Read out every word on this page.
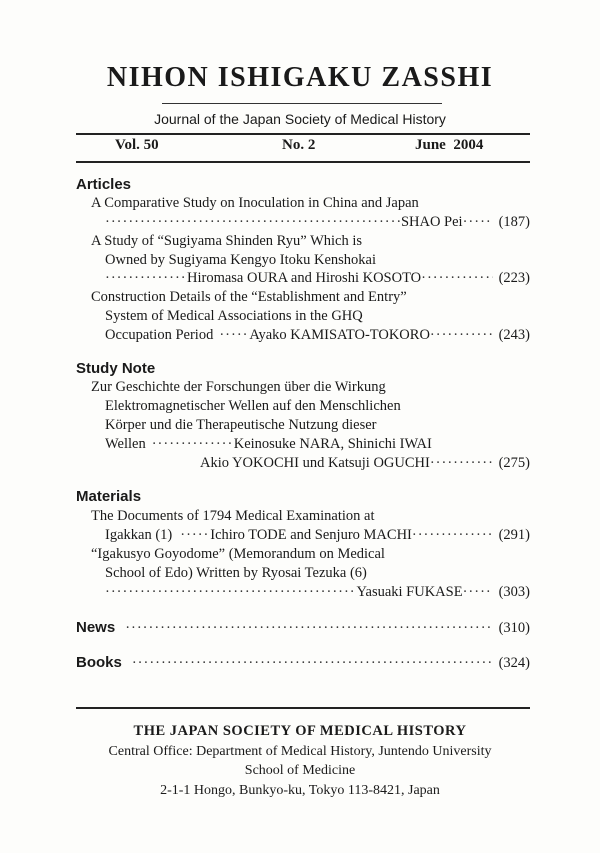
NIHON ISHIGAKU ZASSHI
Journal of the Japan Society of Medical History
Vol. 50	No. 2	June  2004
Articles
A Comparative Study on Inoculation in China and Japan
·····
SHAO Pei ····· (187)
A Study of “Sugiyama Shinden Ryu” Which is
Owned by Sugiyama Kengyo Itoku Kenshokai
·····
Hiromasa OURA and Hiroshi KOSOTO ·····	(223)
Construction Details of the “Establishment and Entry”
System of Medical Associations in the GHQ
Occupation Period ····· Ayako KAMISATO-TOKORO ·····	(243)
Study Note
Zur Geschichte der Forschungen über die Wirkung
Elektromagnetischer Wellen auf den Menschlichen
Körper und die Therapeutische Nutzung dieser
Wellen ·····	Keinosuke NARA, Shinichi IWAI
Akio YOKOCHI und Katsuji OGUCHI ·····	(275)
Materials
The Documents of 1794 Medical Examination at
Igakkan (1) ·····	Ichiro TODE and Senjuro MACHI ·····	(291)
“Igakusyo Goyodome” (Memorandum on Medical
School of Edo) Written by Ryosai Tezuka (6)
·····
Yasuaki FUKASE ····· (303)
News ·····	(310)
Books ·····	(324)
THE JAPAN SOCIETY OF MEDICAL HISTORY
Central Office: Department of Medical History, Juntendo University
School of Medicine
2-1-1 Hongo, Bunkyo-ku, Tokyo 113-8421, Japan
